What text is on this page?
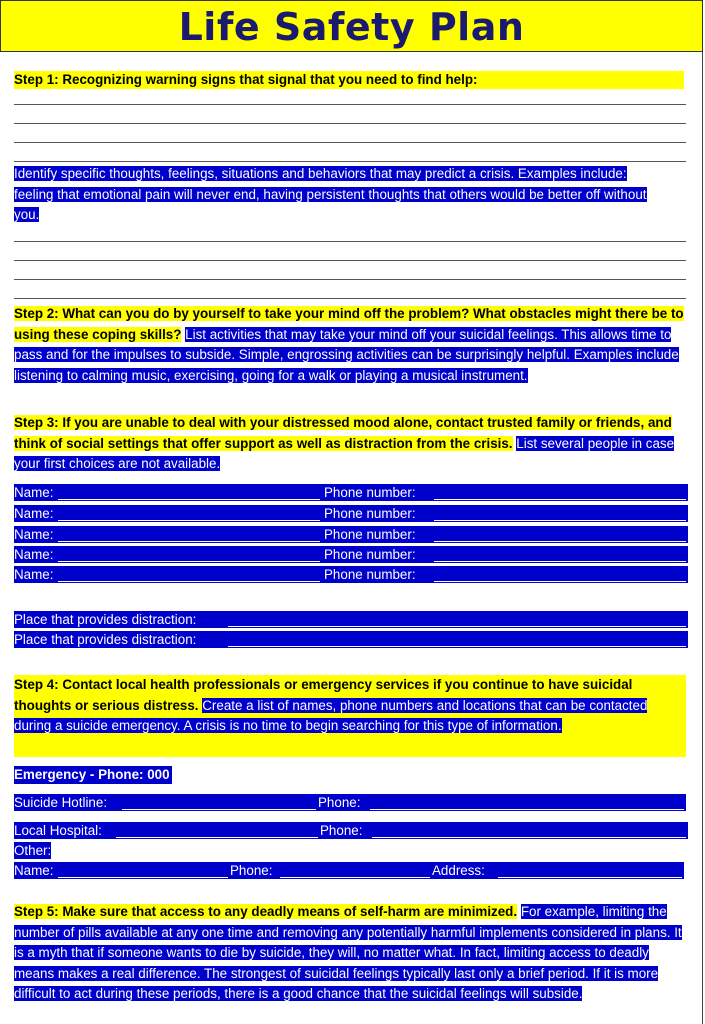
Life Safety Plan
Step 1: Recognizing warning signs that signal that you need to find help:
Identify specific thoughts, feelings, situations and behaviors that may predict a crisis. Examples include: feeling that emotional pain will never end, having persistent thoughts that others would be better off without you.
Step 2: What can you do by yourself to take your mind off the problem? What obstacles might there be to using these coping skills? List activities that may take your mind off your suicidal feelings. This allows time to pass and for the impulses to subside. Simple, engrossing activities can be surprisingly helpful. Examples include listening to calming music, exercising, going for a walk or playing a musical instrument.
Step 3: If you are unable to deal with your distressed mood alone, contact trusted family or friends, and think of social settings that offer support as well as distraction from the crisis. List several people in case your first choices are not available.
Name:	Phone number:
Name:	Phone number:
Name:	Phone number:
Name:	Phone number:
Name:	Phone number:
Place that provides distraction:
Place that provides distraction:
Step 4: Contact local health professionals or emergency services if you continue to have suicidal thoughts or serious distress. Create a list of names, phone numbers and locations that can be contacted during a suicide emergency. A crisis is no time to begin searching for this type of information.
Emergency - Phone: 000
Suicide Hotline:	Phone:
Local Hospital:	Phone:
Other:
Name:	Phone:	Address:
Step 5: Make sure that access to any deadly means of self-harm are minimized. For example, limiting the number of pills available at any one time and removing any potentially harmful implements considered in plans. It is a myth that if someone wants to die by suicide, they will, no matter what. In fact, limiting access to deadly means makes a real difference. The strongest of suicidal feelings typically last only a brief period. If it is more difficult to act during these periods, there is a good chance that the suicidal feelings will subside.
